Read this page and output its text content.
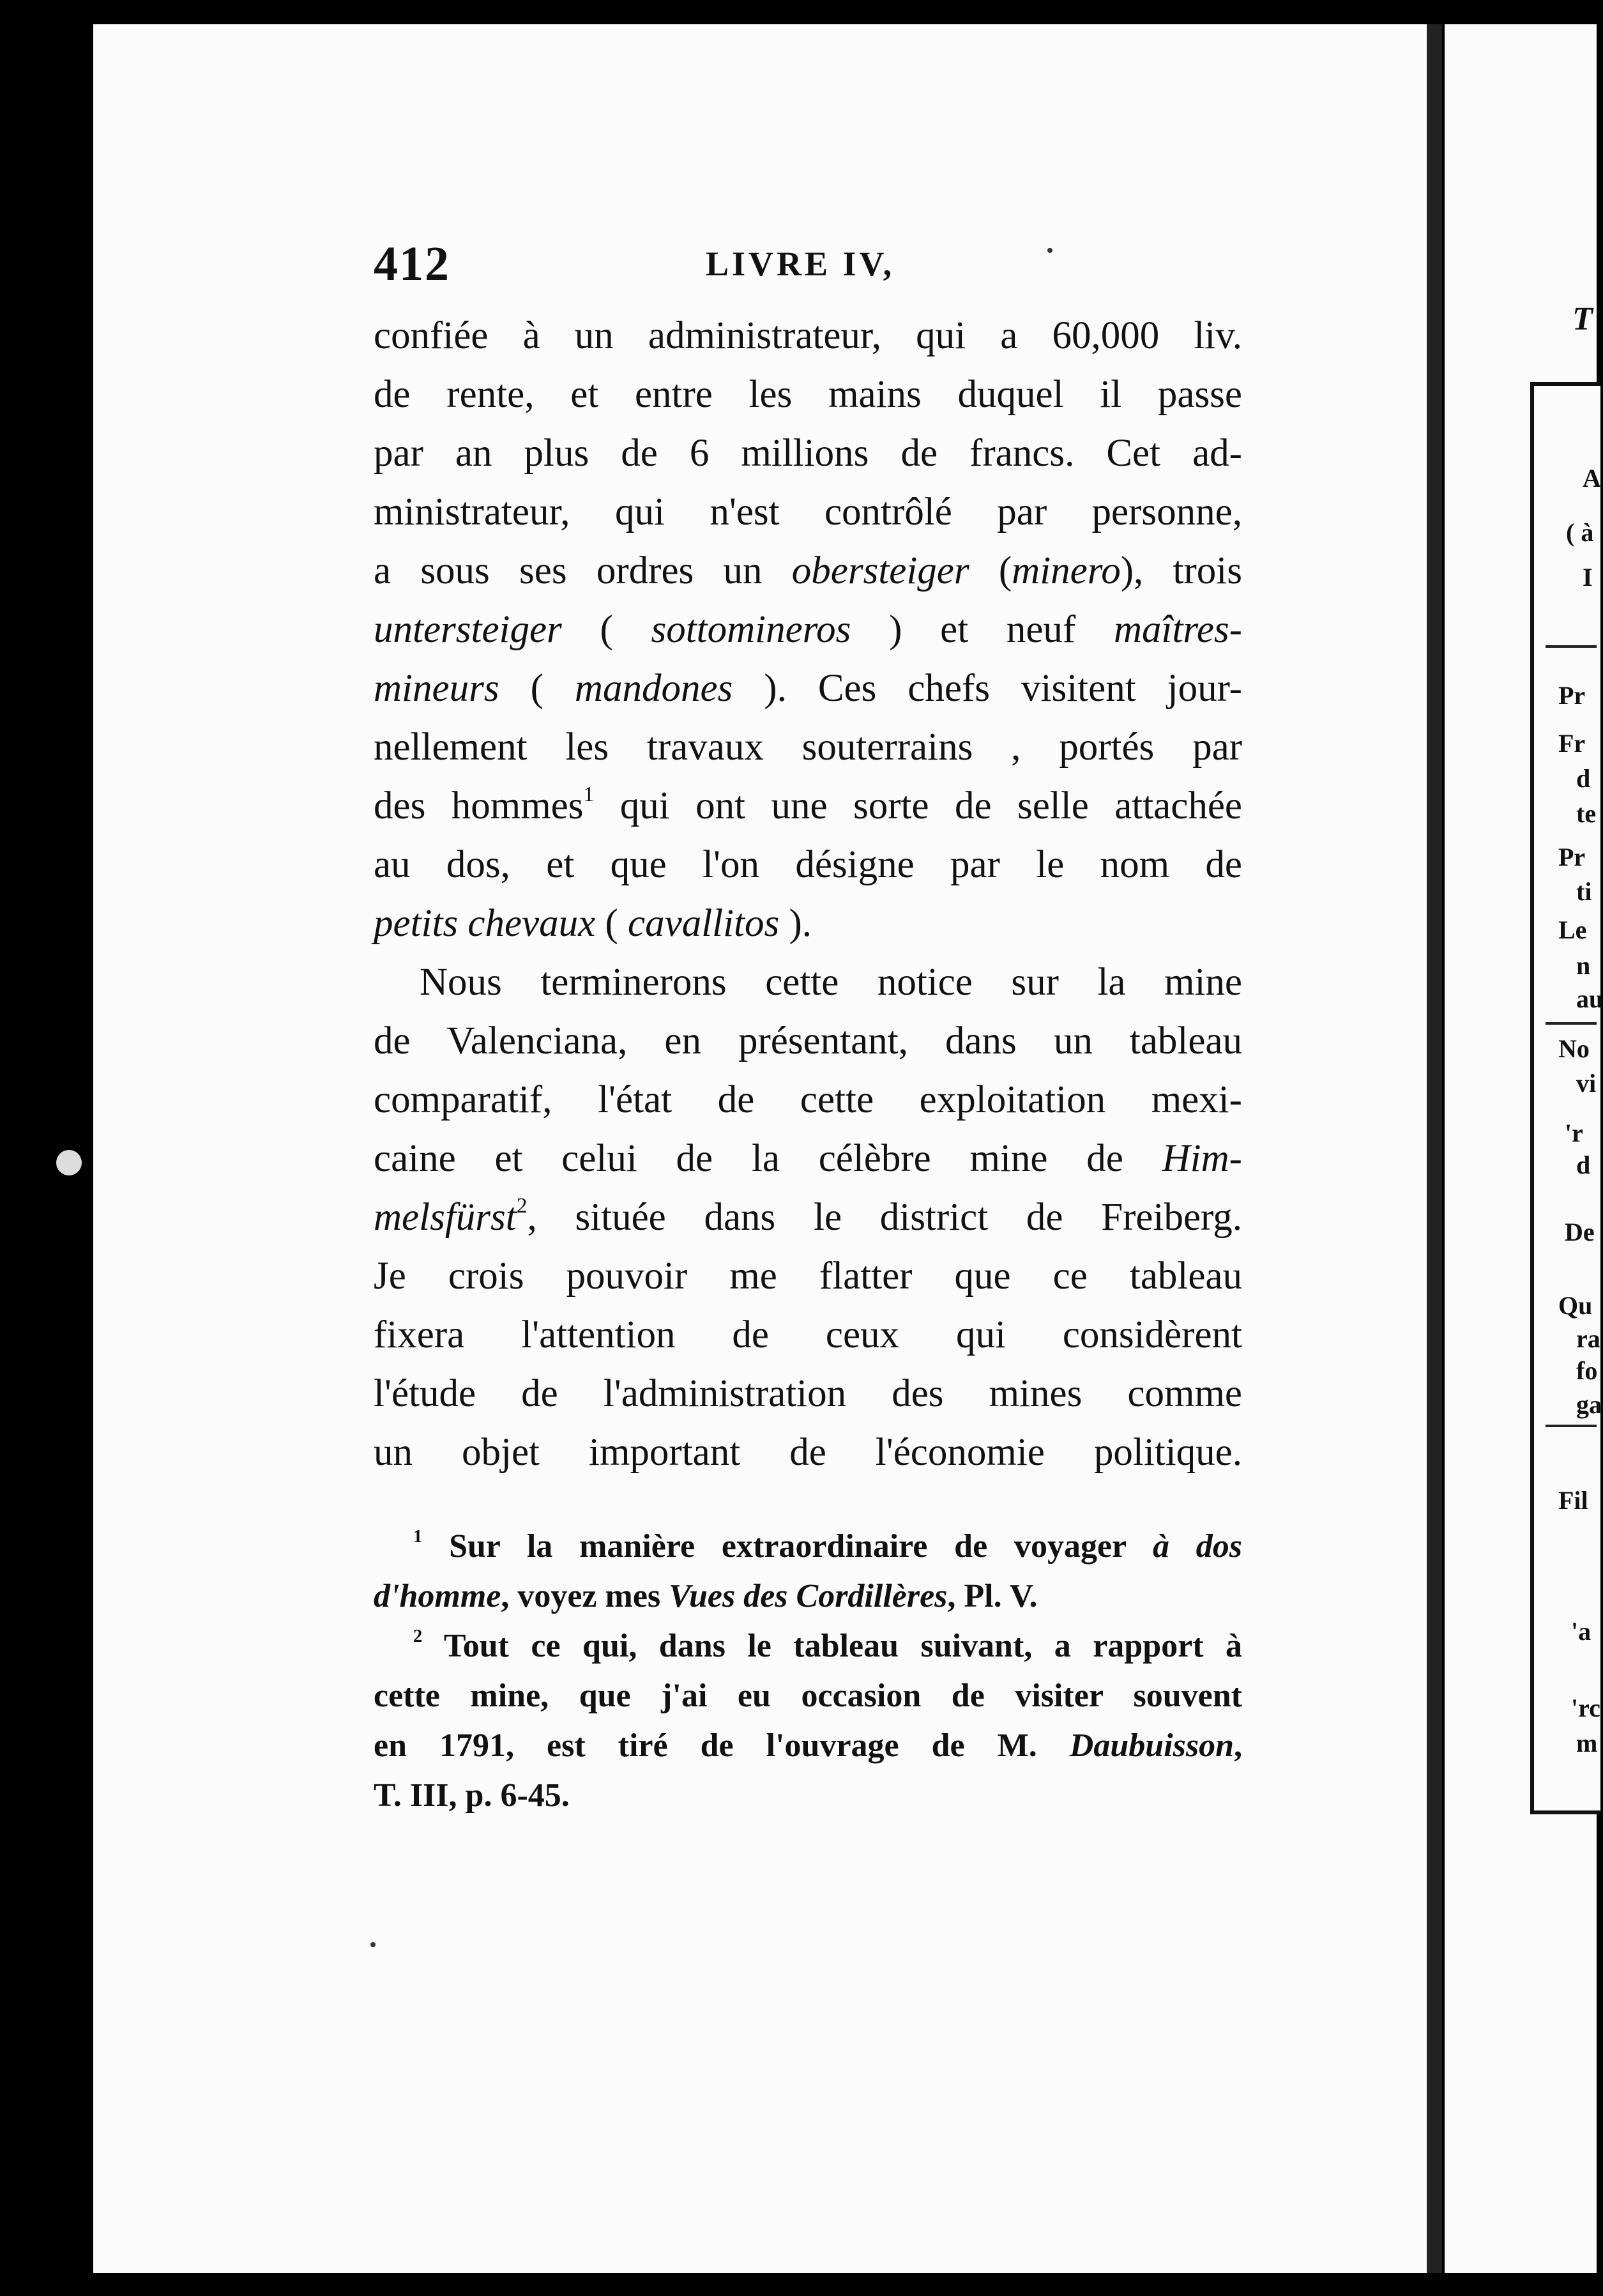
412	LIVRE IV,
confiée à un administrateur, qui a 60,000 liv.
de rente, et entre les mains duquel il passe
par an plus de 6 millions de francs. Cet ad-
ministrateur, qui n'est contrôlé par personne,
a sous ses ordres un obersteiger (minero), trois
untersteiger ( sottomineros ) et neuf maîtres-
mineurs ( mandones ). Ces chefs visitent jour-
nellement les travaux souterrains , portés par
des hommes$^1$ qui ont une sorte de selle attachée
au dos, et que l'on désigne par le nom de
petits chevaux ( cavallitos ).
Nous terminerons cette notice sur la mine
de Valenciana, en présentant, dans un tableau
comparatif, l'état de cette exploitation mexi-
caine et celui de la célèbre mine de Him-
melsfürst$^2$, située dans le district de Freiberg.
Je crois pouvoir me flatter que ce tableau
fixera l'attention de ceux qui considèrent
l'étude de l'administration des mines comme
un objet important de l'économie politique.
$^1$ Sur la manière extraordinaire de voyager à dos
d'homme, voyez mes Vues des Cordillères, Pl. V.
$^2$ Tout ce qui, dans le tableau suivant, a rapport à
cette mine, que j'ai eu occasion de visiter souvent
en 1791, est tiré de l'ouvrage de M. Daubuisson,
T. III, p. 6-45.
T
A
( à
I
Pr
Fr
d
te
Pr
ti
Le
n
au
No
vi
'r
d
De
Qu
ra
fo
ga
Fil
'a
'rc
m
